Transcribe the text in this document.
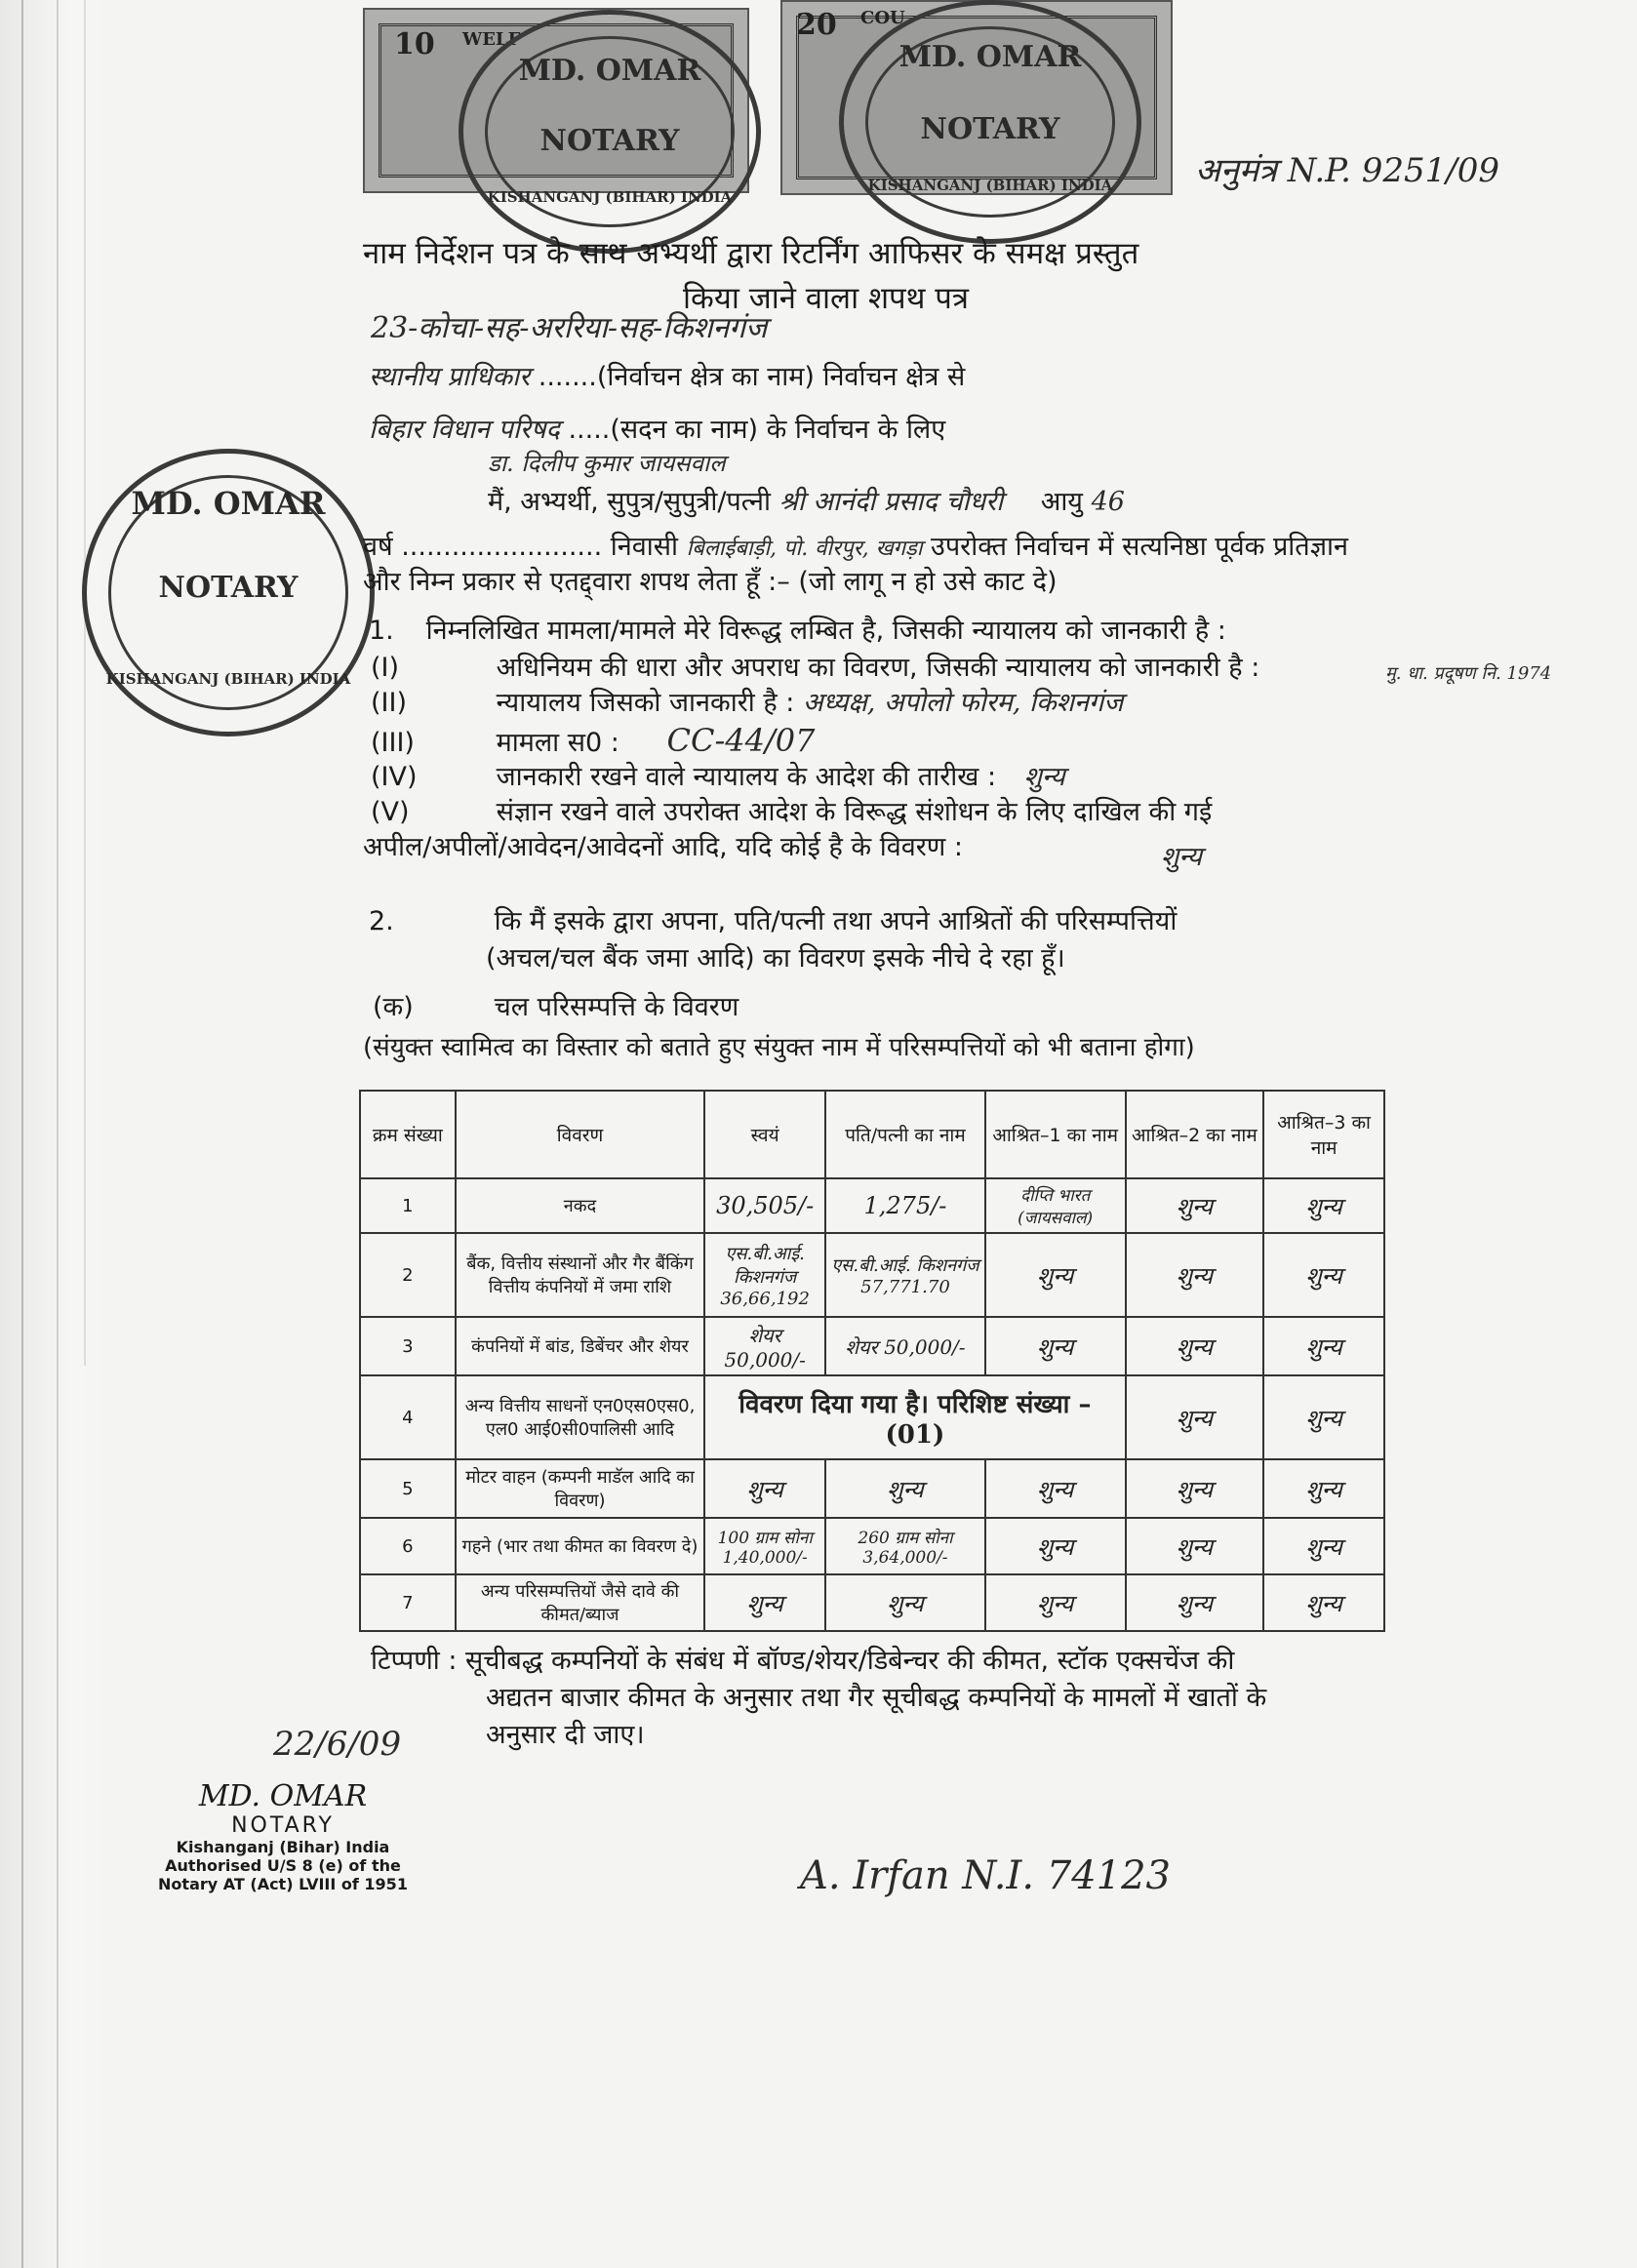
10 WELF	20 COU
MD. OMAR
NOTARY
KISHANGANJ (BIHAR) INDIA
MD. OMAR
NOTARY
KISHANGANJ (BIHAR) INDIA	अनुमंत्र N.P. 9251/09
MD. OMAR
NOTARY
KISHANGANJ (BIHAR) INDIA
नाम निर्देशन पत्र के साथ अभ्यर्थी द्वारा रिटर्निंग आफिसर के समक्ष प्रस्तुत
किया जाने वाला शपथ पत्र
23-कोचा-सह-अररिया-सह-किशनगंज
स्थानीय प्राधिकार .......(निर्वाचन क्षेत्र का नाम) निर्वाचन क्षेत्र से
बिहार विधान परिषद .....(सदन का नाम) के निर्वाचन के लिए
डा. दिलीप कुमार जायसवाल
मैं, अभ्यर्थी, सुपुत्र/सुपुत्री/पत्नी श्री आनंदी प्रसाद चौधरी आयु 46
वर्ष ........................ निवासी बिलाईबाड़ी, पो. वीरपुर, खगड़ा उपरोक्त निर्वाचन में सत्यनिष्ठा पूर्वक प्रतिज्ञान
और निम्न प्रकार से एतद्द्वारा शपथ लेता हूँ :– (जो लागू न हो उसे काट दे)
1. निम्नलिखित मामला/मामले मेरे विरूद्ध लम्बित है, जिसकी न्यायालय को जानकारी है :
(I)	अधिनियम की धारा और अपराध का विवरण, जिसकी न्यायालय को जानकारी है :	मु. धा. प्रदूषण नि. 1974
(II)	न्यायालय जिसको जानकारी है : अध्यक्ष, अपोलो फोरम, किशनगंज
(III)	मामला स0 : CC-44/07
(IV)	जानकारी रखने वाले न्यायालय के आदेश की तारीख : शुन्य
(V)	संज्ञान रखने वाले उपरोक्त आदेश के विरूद्ध संशोधन के लिए दाखिल की गई
अपील/अपीलों/आवेदन/आवेदनों आदि, यदि कोई है के विवरण :	शुन्य
2.	कि मैं इसके द्वारा अपना, पति/पत्नी तथा अपने आश्रितों की परिसम्पत्तियों
(अचल/चल बैंक जमा आदि) का विवरण इसके नीचे दे रहा हूँ।
(क)	चल परिसम्पत्ति के विवरण
(संयुक्त स्वामित्व का विस्तार को बताते हुए संयुक्त नाम में परिसम्पत्तियों को भी बताना होगा)
क्रम संख्या	विवरण	स्वयं	पति/पत्नी का नाम	आश्रित–1 का नाम	आश्रित–2 का नाम	आश्रित–3 का नाम
1	नकद	30,505/-	1,275/-	दीप्ति भारत (जायसवाल)	शुन्य	शुन्य
2	बैंक, वित्तीय संस्थानों और गैर बैंकिंग वित्तीय कंपनियों में जमा राशि	एस.बी.आई. किशनगंज 36,66,192	एस.बी.आई. किशनगंज 57,771.70	शुन्य	शुन्य	शुन्य
3	कंपनियों में बांड, डिबेंचर और शेयर	शेयर 50,000/-	शेयर 50,000/-	शुन्य	शुन्य	शुन्य
4	अन्य वित्तीय साधनों एन0एस0एस0, एल0 आई0सी0पालिसी आदि	विवरण दिया गया है। परिशिष्ट संख्या – (01)			शुन्य	शुन्य
5	मोटर वाहन (कम्पनी माडॅल आदि का विवरण)	शुन्य	शुन्य	शुन्य	शुन्य	शुन्य
6	गहने (भार तथा कीमत का विवरण दे)	100 ग्राम सोना 1,40,000/-	260 ग्राम सोना 3,64,000/-	शुन्य	शुन्य	शुन्य
7	अन्य परिसम्पत्तियों जैसे दावे की कीमत/ब्याज	शुन्य	शुन्य	शुन्य	शुन्य	शुन्य
टिप्पणी : सूचीबद्ध कम्पनियों के संबंध में बॉण्ड/शेयर/डिबेन्चर की कीमत, स्टॉक एक्सचेंज की
अद्यतन बाजार कीमत के अनुसार तथा गैर सूचीबद्ध कम्पनियों के मामलों में खातों के
अनुसार दी जाए।
22/6/09
MD. OMAR
NOTARY
Kishanganj (Bihar) India
Authorised U/S 8 (e) of the
Notary AT (Act) LVIII of 1951	A. Irfan N.I. 74123
